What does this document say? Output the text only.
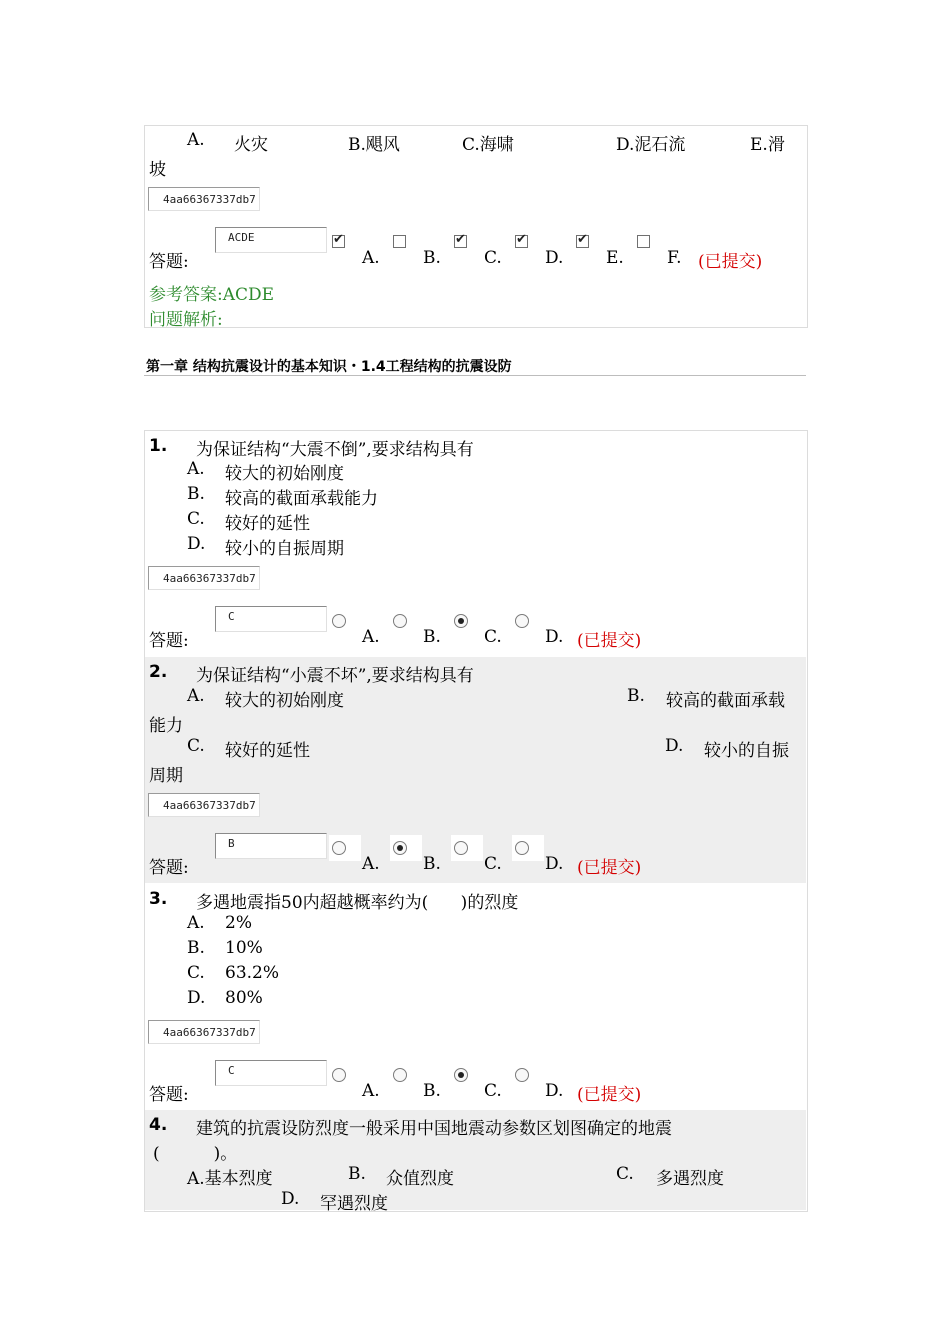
A. 火灾	B.飓风	C.海啸	D.泥石流	E.滑
坡
4aa66367337db7
答题:
ACDE
✔
A.	B.
✔	C.
✔	D.
✔	E.	F. (已提交)
参考答案:ACDE
问题解析:
第一章 结构抗震设计的基本知识・1.4工程结构的抗震设防
1. 为保证结构“大震不倒”,要求结构具有
A. 较大的初始刚度
B. 较高的截面承载能力
C. 较好的延性
D. 较小的自振周期
4aa66367337db7
答题:
C
A.	B.	C.	D. (已提交)
2. 为保证结构“小震不坏”,要求结构具有
A. 较大的初始刚度	B. 较高的截面承载
能力
C. 较好的延性	D. 较小的自振
周期
4aa66367337db7
答题:
B
A.	B.	C.	D. (已提交)
3. 多遇地震指50内超越概率约为(      )的烈度
A. 2%
B. 10%
C. 63.2%
D. 80%
4aa66367337db7
答题:
C
A.	B.	C.	D. (已提交)
4. 建筑的抗震设防烈度一般采用中国地震动参数区划图确定的地震
(          )。
A.基本烈度	B. 众值烈度	C. 多遇烈度
D. 罕遇烈度
